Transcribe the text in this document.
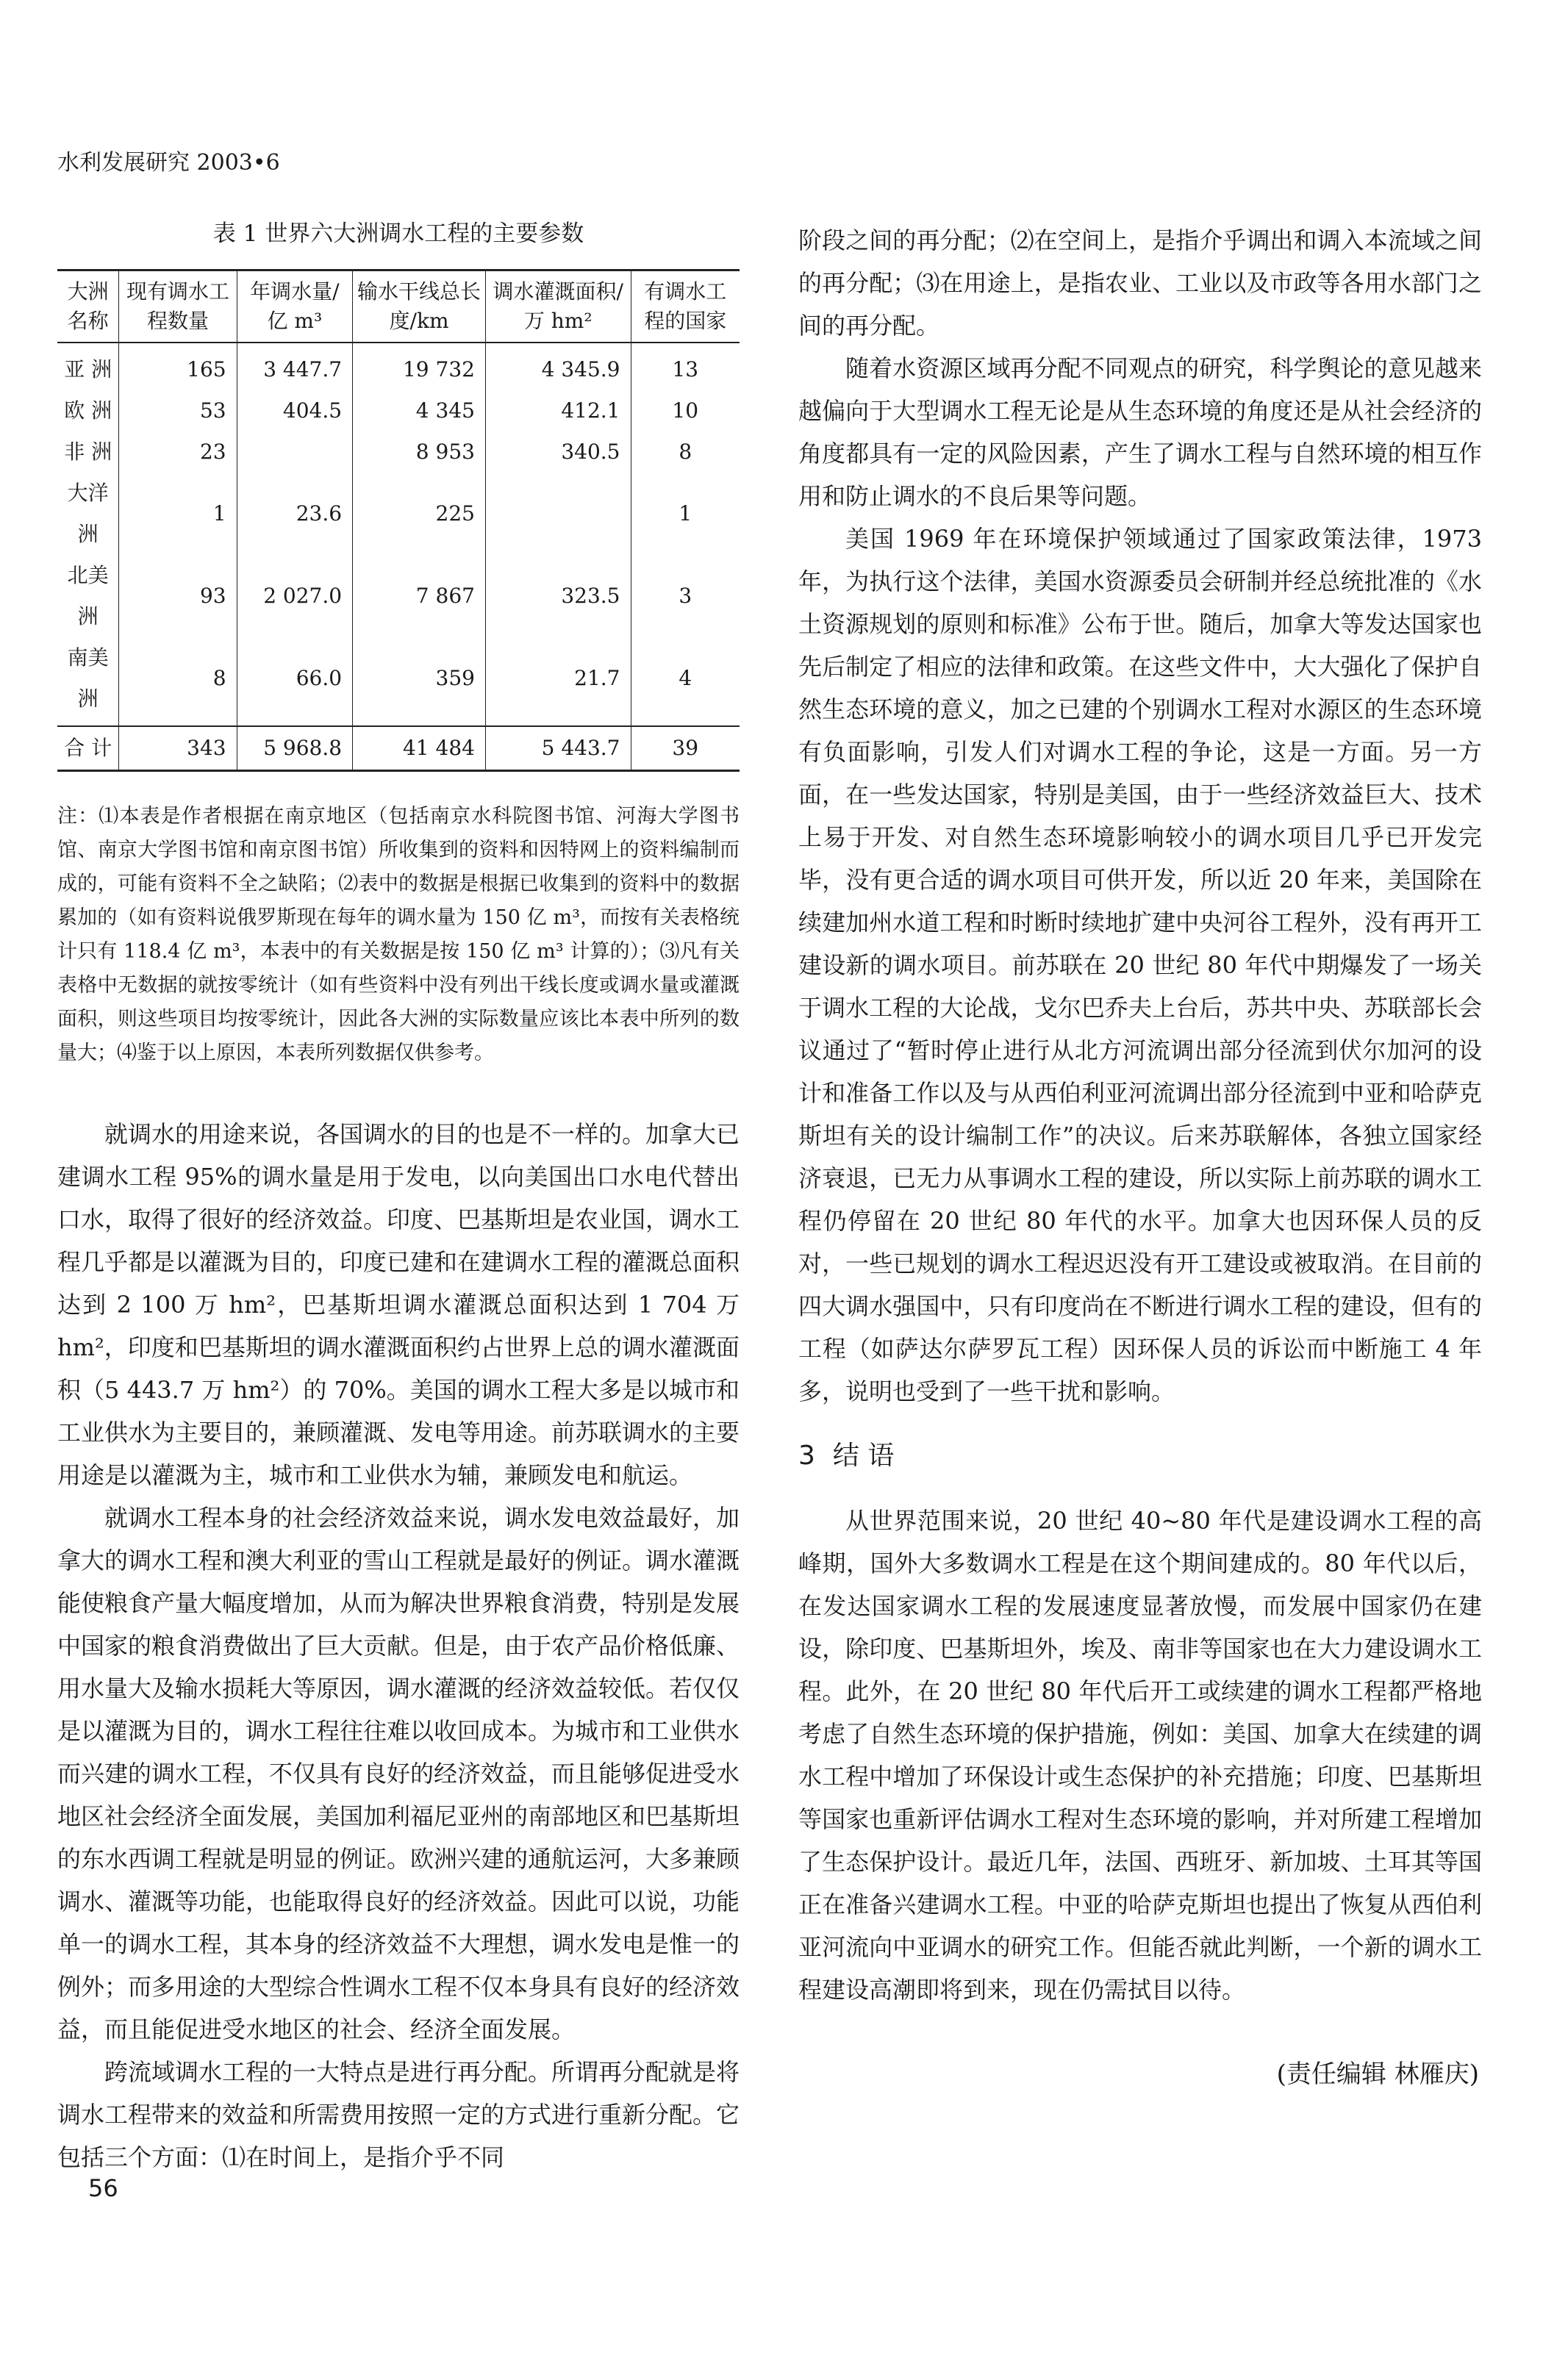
水利发展研究 2003•6
表 1 世界六大洲调水工程的主要参数
大洲名称	现有调水工程数量	年调水量/亿 m³	输水干线总长度/km	调水灌溉面积/万 hm²	有调水工程的国家
亚 洲	165	3 447.7	19 732	4 345.9	13
欧 洲	53	404.5	4 345	412.1	10
非 洲	23		8 953	340.5	8
大洋洲	1	23.6	225		1
北美洲	93	2 027.0	7 867	323.5	3
南美洲	8	66.0	359	21.7	4
合 计	343	5 968.8	41 484	5 443.7	39

注：⑴本表是作者根据在南京地区（包括南京水科院图书馆、河海大学图书馆、南京大学图书馆和南京图书馆）所收集到的资料和因特网上的资料编制而成的，可能有资料不全之缺陷；⑵表中的数据是根据已收集到的资料中的数据累加的（如有资料说俄罗斯现在每年的调水量为 150 亿 m³，而按有关表格统计只有 118.4 亿 m³，本表中的有关数据是按 150 亿 m³ 计算的）；⑶凡有关表格中无数据的就按零统计（如有些资料中没有列出干线长度或调水量或灌溉面积，则这些项目均按零统计，因此各大洲的实际数量应该比本表中所列的数量大；⑷鉴于以上原因，本表所列数据仅供参考。

就调水的用途来说，各国调水的目的也是不一样的。加拿大已建调水工程 95%的调水量是用于发电，以向美国出口水电代替出口水，取得了很好的经济效益。印度、巴基斯坦是农业国，调水工程几乎都是以灌溉为目的，印度已建和在建调水工程的灌溉总面积达到 2 100 万 hm²，巴基斯坦调水灌溉总面积达到 1 704 万 hm²，印度和巴基斯坦的调水灌溉面积约占世界上总的调水灌溉面积（5 443.7 万 hm²）的 70%。美国的调水工程大多是以城市和工业供水为主要目的，兼顾灌溉、发电等用途。前苏联调水的主要用途是以灌溉为主，城市和工业供水为辅，兼顾发电和航运。

就调水工程本身的社会经济效益来说，调水发电效益最好，加拿大的调水工程和澳大利亚的雪山工程就是最好的例证。调水灌溉能使粮食产量大幅度增加，从而为解决世界粮食消费，特别是发展中国家的粮食消费做出了巨大贡献。但是，由于农产品价格低廉、用水量大及输水损耗大等原因，调水灌溉的经济效益较低。若仅仅是以灌溉为目的，调水工程往往难以收回成本。为城市和工业供水而兴建的调水工程，不仅具有良好的经济效益，而且能够促进受水地区社会经济全面发展，美国加利福尼亚州的南部地区和巴基斯坦的东水西调工程就是明显的例证。欧洲兴建的通航运河，大多兼顾调水、灌溉等功能，也能取得良好的经济效益。因此可以说，功能单一的调水工程，其本身的经济效益不大理想，调水发电是惟一的例外；而多用途的大型综合性调水工程不仅本身具有良好的经济效益，而且能促进受水地区的社会、经济全面发展。

跨流域调水工程的一大特点是进行再分配。所谓再分配就是将调水工程带来的效益和所需费用按照一定的方式进行重新分配。它包括三个方面：⑴在时间上，是指介乎不同

阶段之间的再分配；⑵在空间上，是指介乎调出和调入本流域之间的再分配；⑶在用途上，是指农业、工业以及市政等各用水部门之间的再分配。

随着水资源区域再分配不同观点的研究，科学舆论的意见越来越偏向于大型调水工程无论是从生态环境的角度还是从社会经济的角度都具有一定的风险因素，产生了调水工程与自然环境的相互作用和防止调水的不良后果等问题。

美国 1969 年在环境保护领域通过了国家政策法律，1973 年，为执行这个法律，美国水资源委员会研制并经总统批准的《水土资源规划的原则和标准》公布于世。随后，加拿大等发达国家也先后制定了相应的法律和政策。在这些文件中，大大强化了保护自然生态环境的意义，加之已建的个别调水工程对水源区的生态环境有负面影响，引发人们对调水工程的争论，这是一方面。另一方面，在一些发达国家，特别是美国，由于一些经济效益巨大、技术上易于开发、对自然生态环境影响较小的调水项目几乎已开发完毕，没有更合适的调水项目可供开发，所以近 20 年来，美国除在续建加州水道工程和时断时续地扩建中央河谷工程外，没有再开工建设新的调水项目。前苏联在 20 世纪 80 年代中期爆发了一场关于调水工程的大论战，戈尔巴乔夫上台后，苏共中央、苏联部长会议通过了“暂时停止进行从北方河流调出部分径流到伏尔加河的设计和准备工作以及与从西伯利亚河流调出部分径流到中亚和哈萨克斯坦有关的设计编制工作”的决议。后来苏联解体，各独立国家经济衰退，已无力从事调水工程的建设，所以实际上前苏联的调水工程仍停留在 20 世纪 80 年代的水平。加拿大也因环保人员的反对，一些已规划的调水工程迟迟没有开工建设或被取消。在目前的四大调水强国中，只有印度尚在不断进行调水工程的建设，但有的工程（如萨达尔萨罗瓦工程）因环保人员的诉讼而中断施工 4 年多，说明也受到了一些干扰和影响。

3 结 语

从世界范围来说，20 世纪 40~80 年代是建设调水工程的高峰期，国外大多数调水工程是在这个期间建成的。80 年代以后，在发达国家调水工程的发展速度显著放慢，而发展中国家仍在建设，除印度、巴基斯坦外，埃及、南非等国家也在大力建设调水工程。此外，在 20 世纪 80 年代后开工或续建的调水工程都严格地考虑了自然生态环境的保护措施，例如：美国、加拿大在续建的调水工程中增加了环保设计或生态保护的补充措施；印度、巴基斯坦等国家也重新评估调水工程对生态环境的影响，并对所建工程增加了生态保护设计。最近几年，法国、西班牙、新加坡、土耳其等国正在准备兴建调水工程。中亚的哈萨克斯坦也提出了恢复从西伯利亚河流向中亚调水的研究工作。但能否就此判断，一个新的调水工程建设高潮即将到来，现在仍需拭目以待。

(责任编辑 林雁庆)
56
